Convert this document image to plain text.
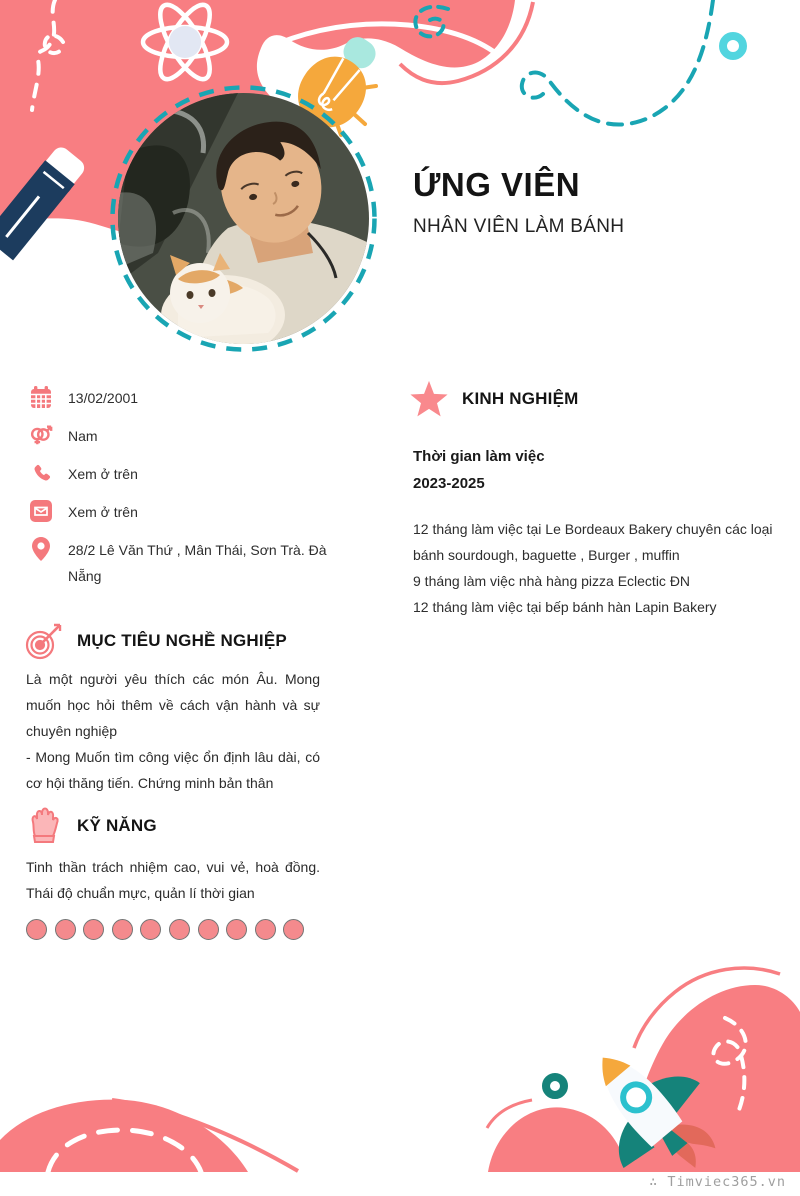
ỨNG VIÊN
NHÂN VIÊN LÀM BÁNH
13/02/2001
Nam
Xem ở trên
Xem ở trên
28/2 Lê Văn Thứ , Mân Thái, Sơn Trà. Đà Nẵng
MỤC TIÊU NGHỀ NGHIỆP
Là một người yêu thích các món Âu. Mong muốn học hỏi thêm về cách vận hành và sự chuyên nghiệp
- Mong Muốn tìm công việc ổn định lâu dài, có cơ hội thăng tiến. Chứng minh bản thân
KỸ NĂNG
Tinh thần trách nhiệm cao, vui vẻ, hoà đồng. Thái độ chuẩn mực, quản lí thời gian
KINH NGHIỆM
Thời gian làm việc
2023-2025
12 tháng làm việc tại Le Bordeaux Bakery chuyên các loại bánh sourdough, baguette , Burger , muffin
9 tháng làm việc nhà hàng pizza Eclectic ĐN
12 tháng làm việc tại bếp bánh hàn Lapin Bakery
∴ Timviec365.vn
